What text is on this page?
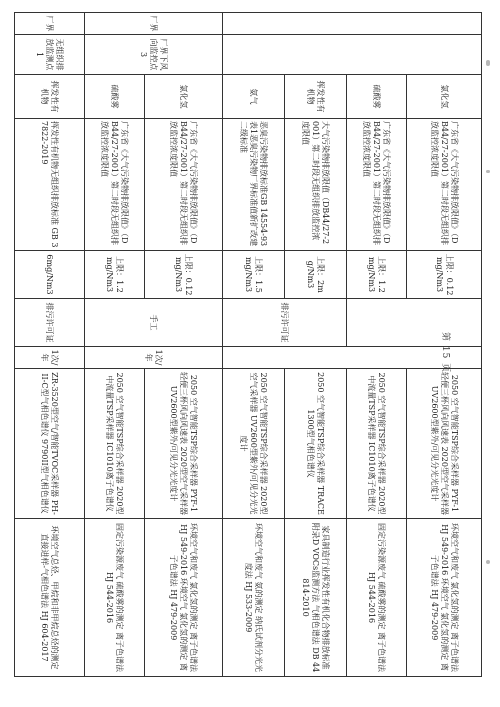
		氯化氢	广东省《大气污染物排放限值》（DB44/27-2001）第二时段无组织排放监控浓度限值	上限：0.12mg/Nm3			2050 空气智能TSP综合采样器 PYF-1 轻便三杯风向风速表 2020型空气采样器 UV2600型紫外/可见分光光度计	环境空气和废气 氯化氢的测定 离子色谱法 HJ 549-2016 环境空气 氯化氢的测定 离子色谱法 HJ 479-2009
		硫酸雾	广东省《大气污染物排放限值》（DB44/27-2001）第二时段无组织排放监控浓度限值	上限：1.2mg/Nm3			2050 空气智能TSP综合采样器 2020型 中流量TSP采样器 IC1010离子色谱仪	固定污染源废气 硫酸雾的测定 离子色谱法 HJ 544-2016
		挥发性有机物	大气污染物排放限值（DB44/27-2001）第二时段无组织排放监控浓度限值	上限：2mg/Nm3	排污许可证		2050 空气智能TSP综合采样器 TRACE1300型气相色谱仪	家具制造行业挥发性有机化合物排放标准 附录D VOCs监测方法 气相色谱法 DB 44 814-2010
		氨气	恶臭污染物排放标准GB 14554-93表1恶臭污染物厂界标准值新扩改建二级标准	上限：1.5mg/Nm3			2050 空气智能TSP综合采样器 2020型空气采样器 UV2600型紫外/可见分光光度计	环境空气和废气 氨的测定 纳氏试剂分光光度法 HJ 533-2009
厂界	厂界下风向监控点3	氯化氢	广东省《大气污染物排放限值》（DB44/27-2001）第二时段无组织排放监控浓度限值	上限：0.12mg/Nm3	手工	1次/年	2050 空气智能TSP综合采样器 PYF-1 轻便三杯风向风速表 2020型空气采样器 UV2600型紫外/可见分光光度计	环境空气和废气 氯化氢的测定 离子色谱法 HJ 549-2016 环境空气 氯化氢的测定 离子色谱法 HJ 479-2009
		硫酸雾	广东省《大气污染物排放限值》（DB44/27-2001）第二时段无组织排放监控浓度限值	上限：1.2mg/Nm3			2050 空气智能TSP综合采样器 2020型 中流量TSP采样器 IC1010离子色谱仪	固定污染源废气 硫酸雾的测定 离子色谱法 HJ 544-2016
厂界	无组织排放监测点1	挥发性有机物	挥发性有机物无组织排放标准 GB 37822-2019	6mg/Nm3	排污许可证	1次/年	ZR-3520型空气/智能TVOC采样器 PH-II-C型气相色谱仪 9790II型气相色谱仪	环境空气总烃、甲烷和非甲烷总烃的测定 直接进样-气相色谱法 HJ 604-2017
第 15 页
